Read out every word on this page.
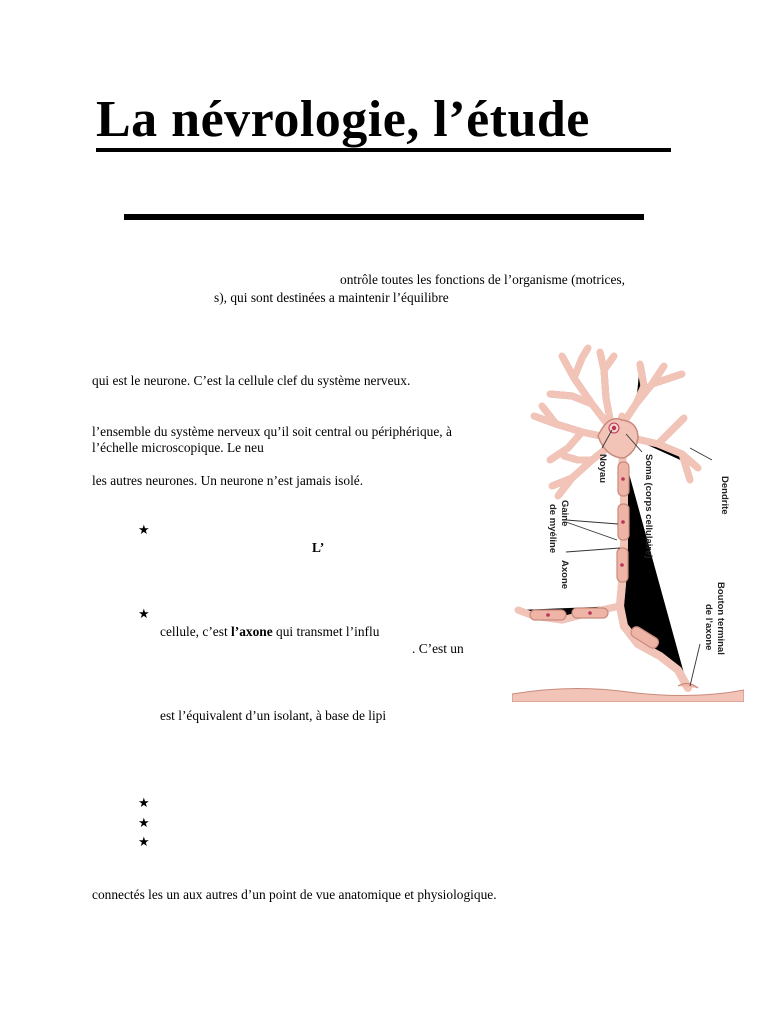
La névrologie, l’étude
ontrôle toutes les fonctions de l’organisme (motrices,
s), qui sont destinées a maintenir l’équilibre
qui est le neurone. C’est la cellule clef du système nerveux.
l’ensemble du système nerveux qu’il soit central ou périphérique, à
l’échelle microscopique. Le neu
les autres neurones. Un neurone n’est jamais isolé.
★
L’
★
cellule, c’est l’axone qui transmet l’influ
. C’est un
est l’équivalent d’un isolant, à base de lipi
★
★
★
connectés les un aux autres d’un point de vue anatomique et physiologique.
Noyau	Soma (corps cellulaire)	Dendrite
Gaine
de myéline
Axone
Bouton terminal
de l’axone
